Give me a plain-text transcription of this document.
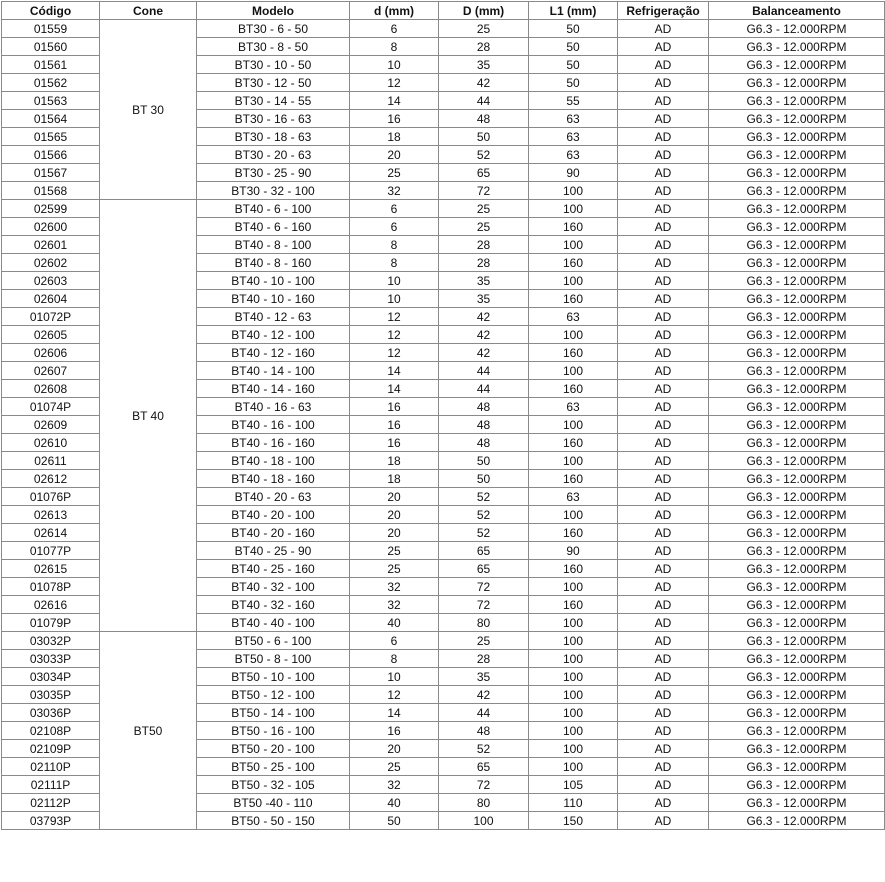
Código	Cone	Modelo	d (mm)	D (mm)	L1 (mm)	Refrigeração	Balanceamento
01559	BT 30	BT30 - 6 - 50	6	25	50	AD	G6.3 - 12.000RPM
01560		BT30 - 8 - 50	8	28	50	AD	G6.3 - 12.000RPM
01561		BT30 - 10 - 50	10	35	50	AD	G6.3 - 12.000RPM
01562		BT30 - 12 - 50	12	42	50	AD	G6.3 - 12.000RPM
01563		BT30 - 14 - 55	14	44	55	AD	G6.3 - 12.000RPM
01564		BT30 - 16 - 63	16	48	63	AD	G6.3 - 12.000RPM
01565		BT30 - 18 - 63	18	50	63	AD	G6.3 - 12.000RPM
01566		BT30 - 20 - 63	20	52	63	AD	G6.3 - 12.000RPM
01567		BT30 - 25 - 90	25	65	90	AD	G6.3 - 12.000RPM
01568		BT30 - 32 - 100	32	72	100	AD	G6.3 - 12.000RPM
02599	BT 40	BT40 - 6 - 100	6	25	100	AD	G6.3 - 12.000RPM
02600		BT40 - 6 - 160	6	25	160	AD	G6.3 - 12.000RPM
02601		BT40 - 8 - 100	8	28	100	AD	G6.3 - 12.000RPM
02602		BT40 - 8 - 160	8	28	160	AD	G6.3 - 12.000RPM
02603		BT40 - 10 - 100	10	35	100	AD	G6.3 - 12.000RPM
02604		BT40 - 10 - 160	10	35	160	AD	G6.3 - 12.000RPM
01072P		BT40 - 12 - 63	12	42	63	AD	G6.3 - 12.000RPM
02605		BT40 - 12 - 100	12	42	100	AD	G6.3 - 12.000RPM
02606		BT40 - 12 - 160	12	42	160	AD	G6.3 - 12.000RPM
02607		BT40 - 14 - 100	14	44	100	AD	G6.3 - 12.000RPM
02608		BT40 - 14 - 160	14	44	160	AD	G6.3 - 12.000RPM
01074P		BT40 - 16 - 63	16	48	63	AD	G6.3 - 12.000RPM
02609		BT40 - 16 - 100	16	48	100	AD	G6.3 - 12.000RPM
02610		BT40 - 16 - 160	16	48	160	AD	G6.3 - 12.000RPM
02611		BT40 - 18 - 100	18	50	100	AD	G6.3 - 12.000RPM
02612		BT40 - 18 - 160	18	50	160	AD	G6.3 - 12.000RPM
01076P		BT40 - 20 - 63	20	52	63	AD	G6.3 - 12.000RPM
02613		BT40 - 20 - 100	20	52	100	AD	G6.3 - 12.000RPM
02614		BT40 - 20 - 160	20	52	160	AD	G6.3 - 12.000RPM
01077P		BT40 - 25 - 90	25	65	90	AD	G6.3 - 12.000RPM
02615		BT40 - 25 - 160	25	65	160	AD	G6.3 - 12.000RPM
01078P		BT40 - 32 - 100	32	72	100	AD	G6.3 - 12.000RPM
02616		BT40 - 32 - 160	32	72	160	AD	G6.3 - 12.000RPM
01079P		BT40 - 40 - 100	40	80	100	AD	G6.3 - 12.000RPM
03032P	BT50	BT50 - 6 - 100	6	25	100	AD	G6.3 - 12.000RPM
03033P		BT50 - 8 - 100	8	28	100	AD	G6.3 - 12.000RPM
03034P		BT50 - 10 - 100	10	35	100	AD	G6.3 - 12.000RPM
03035P		BT50 - 12 - 100	12	42	100	AD	G6.3 - 12.000RPM
03036P		BT50 - 14 - 100	14	44	100	AD	G6.3 - 12.000RPM
02108P		BT50 - 16 - 100	16	48	100	AD	G6.3 - 12.000RPM
02109P		BT50 - 20 - 100	20	52	100	AD	G6.3 - 12.000RPM
02110P		BT50 - 25 - 100	25	65	100	AD	G6.3 - 12.000RPM
02111P		BT50 - 32 - 105	32	72	105	AD	G6.3 - 12.000RPM
02112P		BT50 -40 - 110	40	80	110	AD	G6.3 - 12.000RPM
03793P		BT50 - 50 - 150	50	100	150	AD	G6.3 - 12.000RPM
